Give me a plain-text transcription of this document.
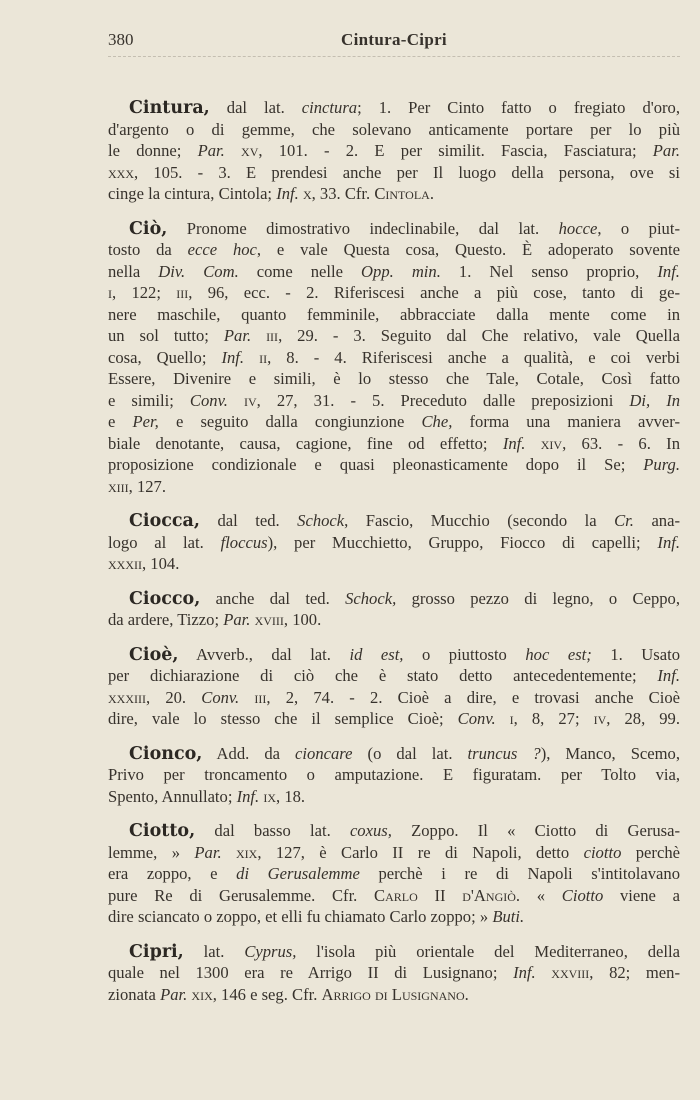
380	Cintura-Cipri
Cintura, dal lat. cinctura; 1. Per Cinto fatto o fregiato d'oro,
d'argento o di gemme, che solevano anticamente portare per lo più
le donne; Par. xv, 101. - 2. E per similit. Fascia, Fasciatura; Par.
xxx, 105. - 3. E prendesi anche per Il luogo della persona, ove si
cinge la cintura, Cintola; Inf. x, 33. Cfr. Cintola.
Ciò, Pronome dimostrativo indeclinabile, dal lat. hocce, o piut-
tosto da ecce hoc, e vale Questa cosa, Questo. È adoperato sovente
nella Div. Com. come nelle Opp. min. 1. Nel senso proprio, Inf.
i, 122; iii, 96, ecc. - 2. Riferiscesi anche a più cose, tanto di ge-
nere maschile, quanto femminile, abbracciate dalla mente come in
un sol tutto; Par. iii, 29. - 3. Seguito dal Che relativo, vale Quella
cosa, Quello; Inf. ii, 8. - 4. Riferiscesi anche a qualità, e coi verbi
Essere, Divenire e simili, è lo stesso che Tale, Cotale, Così fatto
e simili; Conv. iv, 27, 31. - 5. Preceduto dalle preposizioni Di, In
e Per, e seguito dalla congiunzione Che, forma una maniera avver-
biale denotante, causa, cagione, fine od effetto; Inf. xiv, 63. - 6. In
proposizione condizionale e quasi pleonasticamente dopo il Se; Purg.
xiii, 127.
Ciocca, dal ted. Schock, Fascio, Mucchio (secondo la Cr. ana-
logo al lat. floccus), per Mucchietto, Gruppo, Fiocco di capelli; Inf.
xxxii, 104.
Ciocco, anche dal ted. Schock, grosso pezzo di legno, o Ceppo,
da ardere, Tizzo; Par. xviii, 100.
Cioè, Avverb., dal lat. id est, o piuttosto hoc est; 1. Usato
per dichiarazione di ciò che è stato detto antecedentemente; Inf.
xxxiii, 20. Conv. iii, 2, 74. - 2. Cioè a dire, e trovasi anche Cioè
dire, vale lo stesso che il semplice Cioè; Conv. i, 8, 27; iv, 28, 99.
Cionco, Add. da cioncare (o dal lat. truncus ?), Manco, Scemo,
Privo per troncamento o amputazione. E figuratam. per Tolto via,
Spento, Annullato; Inf. ix, 18.
Ciotto, dal basso lat. coxus, Zoppo. Il « Ciotto di Gerusa-
lemme, » Par. xix, 127, è Carlo II re di Napoli, detto ciotto perchè
era zoppo, e di Gerusalemme perchè i re di Napoli s'intitolavano
pure Re di Gerusalemme. Cfr. Carlo II d'Angiò. « Ciotto viene a
dire sciancato o zoppo, et elli fu chiamato Carlo zoppo; » Buti.
Cipri, lat. Cyprus, l'isola più orientale del Mediterraneo, della
quale nel 1300 era re Arrigo II di Lusignano; Inf. xxviii, 82; men-
zionata Par. xix, 146 e seg. Cfr. Arrigo di Lusignano.
